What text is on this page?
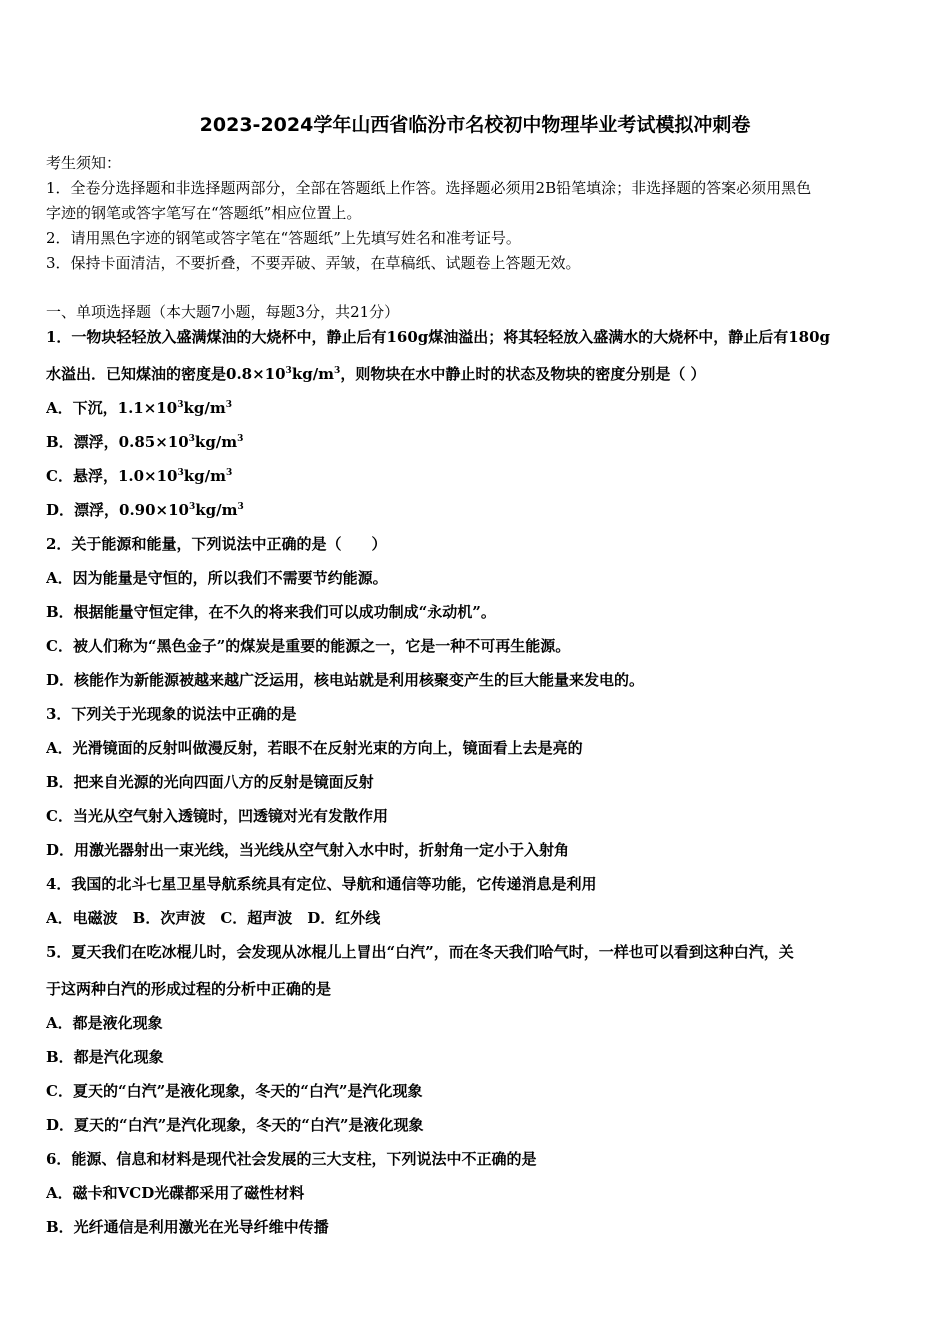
2023-2024学年山西省临汾市名校初中物理毕业考试模拟冲刺卷
考生须知：
1．全卷分选择题和非选择题两部分，全部在答题纸上作答。选择题必须用2B铅笔填涂；非选择题的答案必须用黑色
字迹的钢笔或答字笔写在“答题纸”相应位置上。
2．请用黑色字迹的钢笔或答字笔在“答题纸”上先填写姓名和准考证号。
3．保持卡面清洁，不要折叠，不要弄破、弄皱，在草稿纸、试题卷上答题无效。
一、单项选择题（本大题7小题，每题3分，共21分）
1．一物块轻轻放入盛满煤油的大烧杯中，静止后有160g煤油溢出；将其轻轻放入盛满水的大烧杯中，静止后有180g
水溢出．已知煤油的密度是$0.8\times 10^3kg/m^3$，则物块在水中静止时的状态及物块的密度分别是（ ）
A．下沉，$1.1\times 10^3kg/m^3$
B．漂浮，$0.85\times 10^3kg/m^3$
C．悬浮，$1.0\times 10^3kg/m^3$
D．漂浮，$0.90\times 10^3kg/m^3$
2．关于能源和能量，下列说法中正确的是（　　）
A．因为能量是守恒的，所以我们不需要节约能源。
B．根据能量守恒定律，在不久的将来我们可以成功制成“永动机”。
C．被人们称为“黑色金子”的煤炭是重要的能源之一，它是一种不可再生能源。
D．核能作为新能源被越来越广泛运用，核电站就是利用核聚变产生的巨大能量来发电的。
3．下列关于光现象的说法中正确的是
A．光滑镜面的反射叫做漫反射，若眼不在反射光束的方向上，镜面看上去是亮的
B．把来自光源的光向四面八方的反射是镜面反射
C．当光从空气射入透镜时，凹透镜对光有发散作用
D．用激光器射出一束光线，当光线从空气射入水中时，折射角一定小于入射角
4．我国的北斗七星卫星导航系统具有定位、导航和通信等功能，它传递消息是利用
A．电磁波　B．次声波　C．超声波　D．红外线
5．夏天我们在吃冰棍儿时，会发现从冰棍儿上冒出“白汽”，而在冬天我们哈气时，一样也可以看到这种白汽，关
于这两种白汽的形成过程的分析中正确的是
A．都是液化现象
B．都是汽化现象
C．夏天的“白汽”是液化现象，冬天的“白汽”是汽化现象
D．夏天的“白汽”是汽化现象，冬天的“白汽”是液化现象
6．能源、信息和材料是现代社会发展的三大支柱，下列说法中不正确的是
A．磁卡和VCD光碟都采用了磁性材料
B．光纤通信是利用激光在光导纤维中传播
